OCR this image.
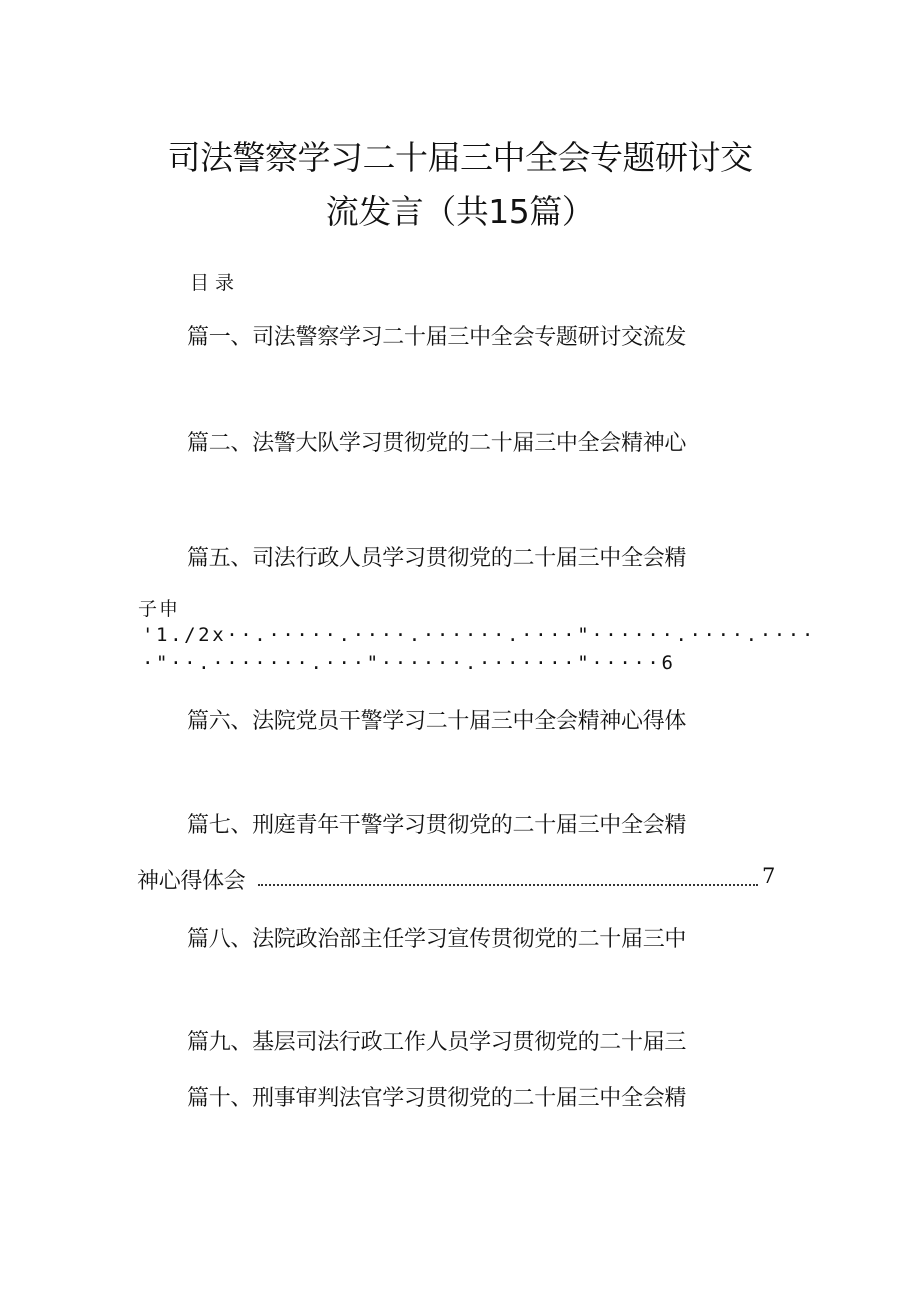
司法警察学习二十届三中全会专题研讨交
流发言（共15篇）
目录
篇一、司法警察学习二十届三中全会专题研讨交流发
篇二、法警大队学习贯彻党的二十届三中全会精神心
篇五、司法行政人员学习贯彻党的二十届三中全会精
子申
'1./2x··.·····.····.······.····"······.····.····
·"··.·······.···"······.·······"·····6
篇六、法院党员干警学习二十届三中全会精神心得体
篇七、刑庭青年干警学习贯彻党的二十届三中全会精
神心得体会	7
篇八、法院政治部主任学习宣传贯彻党的二十届三中
篇九、基层司法行政工作人员学习贯彻党的二十届三
篇十、刑事审判法官学习贯彻党的二十届三中全会精
